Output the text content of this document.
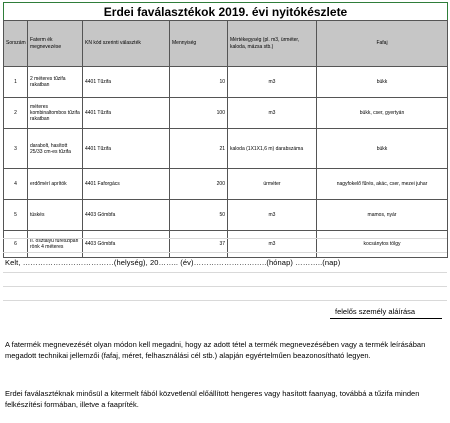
Erdei faválasztékok 2019. évi nyitókészlete
Sorszám	Faterm ék megnevezése	KN kód szerinti választék	Mennyiség	Mértékegység (pl. m3, ürméter, kaloda, mázsa stb.)	Fafaj
1	2 méteres tűzifa rakatban	4401 Tűzifa	10	m3	bükk
2	méteres kombinaltombos tűzifa rakatban	4401 Tűzifa	100	m3	bükk, cser, gyertyán
3	darabolt, hasított 25/33 cm-es tűzifa	4401 Tűzifa	21	kaloda (1X1X1,6 m) darabszáma	bükk
4	erdőmérí aprítók	4401 Faforgács	200	ürméter	nagyfokelő fűrés, akác, cser, mezei juhar
5	tüskés	4403 Gömbfa	50	m3	mamos, nyár
6	II. osztályú fűrészipari rönk 4 méteres	4403 Gömbfa	37	m3	kocsánytos tölgy
Kelt, ………………………………(helység), 20…….. (év)………………………..(hónap) ………..(nap)
felelős személy aláírása
A fatermék megnevezését olyan módon kell megadni, hogy az adott tétel a termék megnevezésében vagy a termék leírásában megadott technikai jellemzői (fafaj, méret, felhasználási cél stb.) alapján egyértelműen beazonosítható legyen.
Erdei faválasztéknak minősül a kitermelt fából közvetlenül előállított hengeres vagy hasított faanyag, továbbá a tűzifa minden felkészítési formában, illetve a faapríték.
